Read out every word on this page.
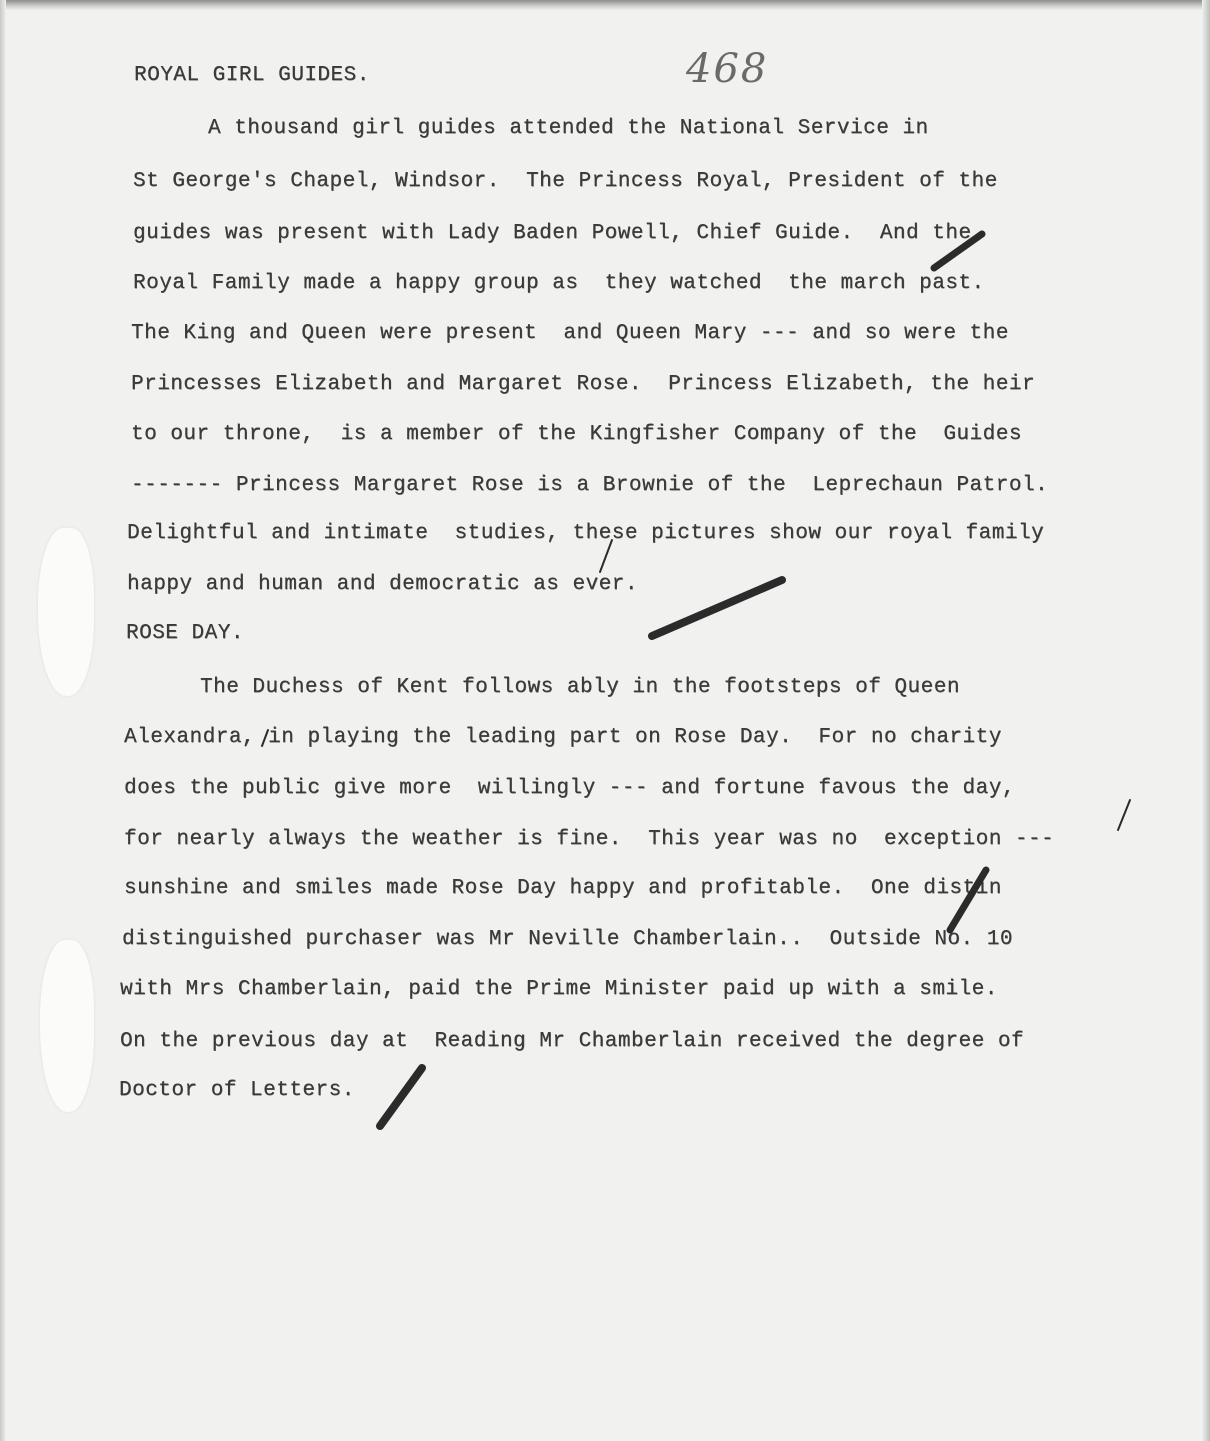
468
ROYAL GIRL GUIDES.
A thousand girl guides attended the National Service in
St George's Chapel, Windsor.  The Princess Royal, President of the
guides was present with Lady Baden Powell, Chief Guide.  And the
Royal Family made a happy group as  they watched  the march past.
The King and Queen were present  and Queen Mary --- and so were the
Princesses Elizabeth and Margaret Rose.  Princess Elizabeth, the heir
to our throne,  is a member of the Kingfisher Company of the  Guides
------- Princess Margaret Rose is a Brownie of the  Leprechaun Patrol.
Delightful and intimate  studies, these pictures show our royal family
happy and human and democratic as ever.
ROSE DAY.
The Duchess of Kent follows ably in the footsteps of Queen
Alexandra, in playing the leading part on Rose Day.  For no charity
does the public give more  willingly --- and fortune favous the day,
for nearly always the weather is fine.  This year was no  exception ---
sunshine and smiles made Rose Day happy and profitable.  One distin
distinguished purchaser was Mr Neville Chamberlain..  Outside No. 10
with Mrs Chamberlain, paid the Prime Minister paid up with a smile.
On the previous day at  Reading Mr Chamberlain received the degree of
Doctor of Letters.
